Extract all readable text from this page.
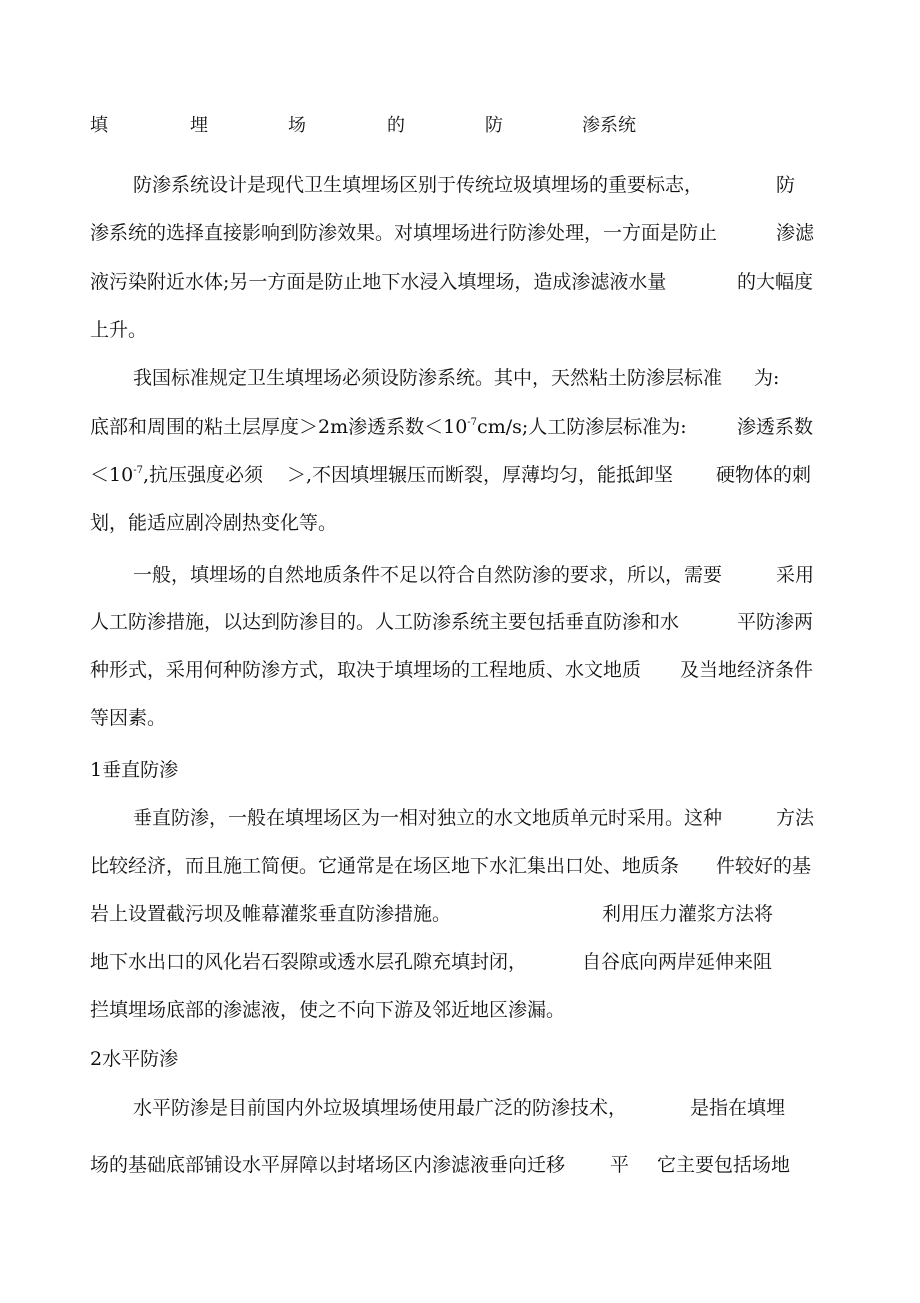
填	埋	场	的	防	渗系统
防渗系统设计是现代卫生填埋场区别于传统垃圾填埋场的重要标志，	防
渗系统的选择直接影响到防渗效果。对填埋场进行防渗处理，一方面是防止	渗滤
液污染附近水体;另一方面是防止地下水浸入填埋场，造成渗滤液水量	的大幅度
上升。
我国标准规定卫生填埋场必须设防渗系统。其中，天然粘土防渗层标准 为:
底部和周围的粘土层厚度＞2m渗透系数$<10^{-7}cm/s$;人工防渗层标准为:	渗透系数
$<10^{-7}$,抗压强度必须 ＞,不因填埋辗压而断裂，厚薄均匀，能抵卸坚 硬物体的刺
划，能适应剧冷剧热变化等。
一般，填埋场的自然地质条件不足以符合自然防渗的要求，所以，需要	采用
人工防渗措施，以达到防渗目的。人工防渗系统主要包括垂直防渗和水	平防渗两
种形式，采用何种防渗方式，取决于填埋场的工程地质、水文地质 及当地经济条件
等因素。
1垂直防渗
垂直防渗，一般在填埋场区为一相对独立的水文地质单元时采用。这种	方法
比较经济，而且施工简便。它通常是在场区地下水汇集出口处、地质条 件较好的基
岩上设置截污坝及帷幕灌浆垂直防渗措施。	利用压力灌浆方法将
地下水出口的风化岩石裂隙或透水层孔隙充填封闭，	自谷底向两岸延伸来阻
拦填埋场底部的渗滤液，使之不向下游及邻近地区渗漏。
2水平防渗
水平防渗是目前国内外垃圾填埋场使用最广泛的防渗技术，	是指在填埋
场的基础底部铺设水平屏障以封堵场区内渗滤液垂向迁移 平 它主要包括场地
